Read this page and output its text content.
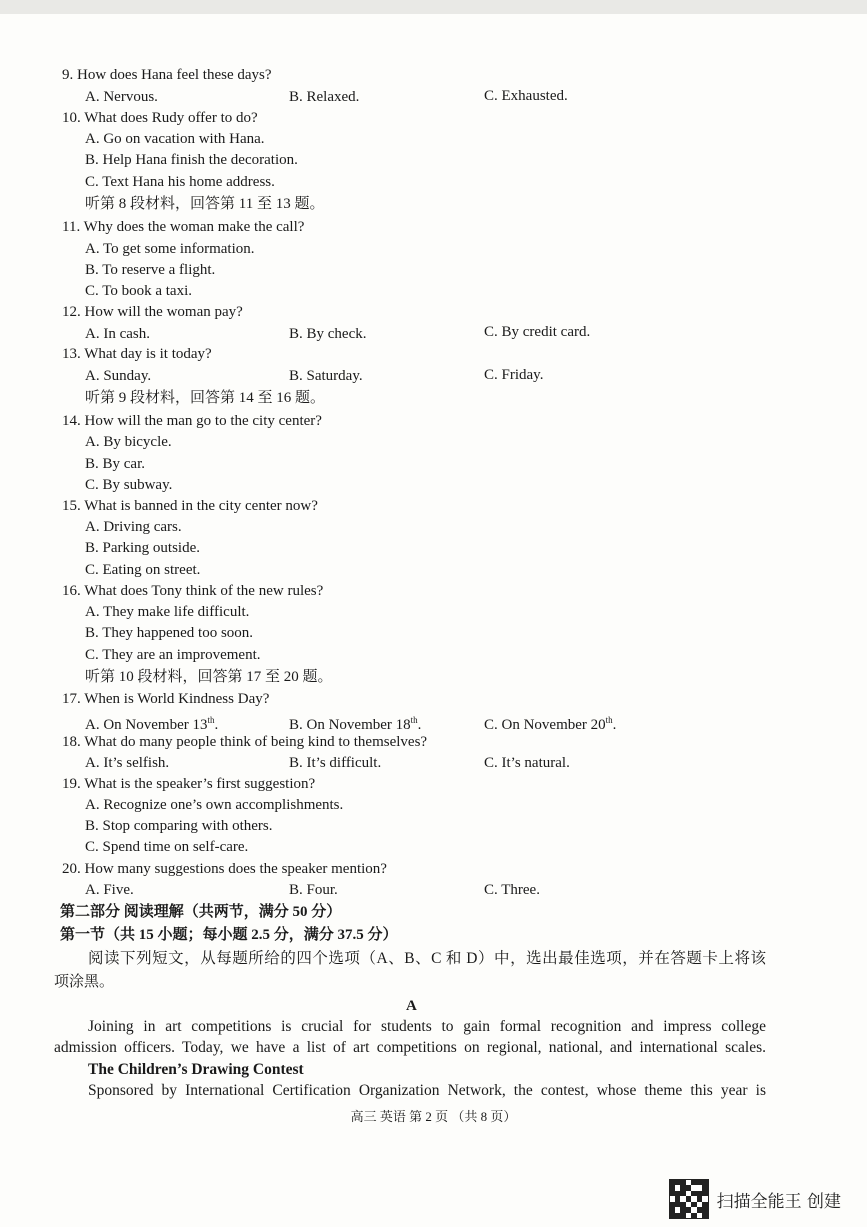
9. How does Hana feel these days?
A. Nervous.	B. Relaxed.	C. Exhausted.
10. What does Rudy offer to do?
A. Go on vacation with Hana.
B. Help Hana finish the decoration.
C. Text Hana his home address.
听第 8 段材料，回答第 11 至 13 题。
11. Why does the woman make the call?
A. To get some information.
B. To reserve a flight.
C. To book a taxi.
12. How will the woman pay?
A. In cash.	B. By check.	C. By credit card.
13. What day is it today?
A. Sunday.	B. Saturday.	C. Friday.
听第 9 段材料，回答第 14 至 16 题。
14. How will the man go to the city center?
A. By bicycle.
B. By car.
C. By subway.
15. What is banned in the city center now?
A. Driving cars.
B. Parking outside.
C. Eating on street.
16. What does Tony think of the new rules?
A. They make life difficult.
B. They happened too soon.
C. They are an improvement.
听第 10 段材料，回答第 17 至 20 题。
17. When is World Kindness Day?
A. On November 13th.	B. On November 18th.	C. On November 20th.
18. What do many people think of being kind to themselves?
A. It’s selfish.	B. It’s difficult.	C. It’s natural.
19. What is the speaker’s first suggestion?
A. Recognize one’s own accomplishments.
B. Stop comparing with others.
C. Spend time on self-care.
20. How many suggestions does the speaker mention?
A. Five.	B. Four.	C. Three.
第二部分 阅读理解（共两节，满分 50 分）
第一节（共 15 小题；每小题 2.5 分，满分 37.5 分）
阅读下列短文，从每题所给的四个选项（A、B、C 和 D）中，选出最佳选项，并在答题卡上将该
项涂黑。
A
Joining in art competitions is crucial for students to gain formal recognition and impress college
admission officers. Today, we have a list of art competitions on regional, national, and international scales.
The Children’s Drawing Contest
Sponsored by International Certification Organization Network, the contest, whose theme this year is
高三 英语 第 2 页 （共 8 页）
扫描全能王 创建
